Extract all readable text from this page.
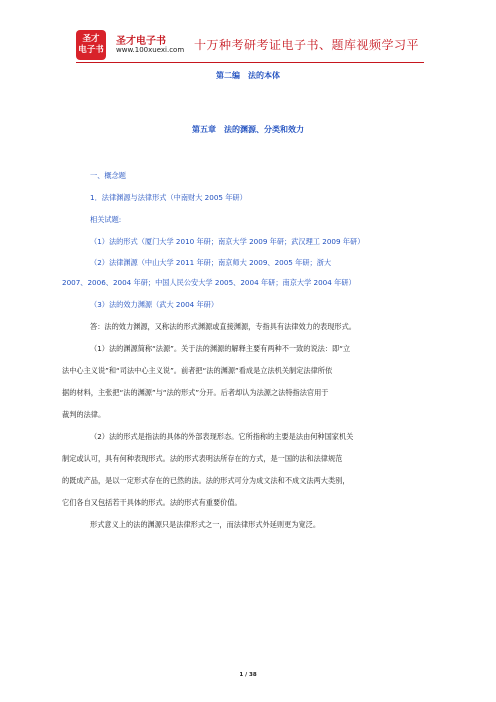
圣才
电子书
圣才电子书
www.100xuexi.com 十万种考研考证电子书、题库视频学习平
第二编　法的本体
第五章　法的渊源、分类和效力
一、概念题
1．法律渊源与法律形式（中南财大 2005 年研）
相关试题:
（1）法的形式（厦门大学 2010 年研；南京大学 2009 年研；武汉理工 2009 年研）
（2）法律渊源（中山大学 2011 年研；南京师大 2009、2005 年研；浙大
2007、2006、2004 年研；中国人民公安大学 2005、2004 年研；南京大学 2004 年研）
（3）法的效力渊源（武大 2004 年研）
答：法的效力渊源，又称法的形式渊源或直接渊源，专指具有法律效力的表现形式。
（1）法的渊源简称“法源”。关于法的渊源的解释主要有两种不一致的说法：即“立
法中心主义说”和“司法中心主义说”。前者把“法的渊源”看成是立法机关制定法律所依
据的材料，主张把“法的渊源”与“法的形式”分开。后者却认为法源之法特指法官用于
裁判的法律。
（2）法的形式是指法的具体的外部表现形态。它所指称的主要是法由何种国家机关
制定或认可，具有何种表现形式。法的形式表明法所存在的方式，是一国的法和法律规范
的既成产品，是以一定形式存在的已然的法。法的形式可分为成文法和不成文法两大类别，
它们各自又包括若干具体的形式。法的形式有重要价值。
形式意义上的法的渊源只是法律形式之一，而法律形式外延则更为宽泛。
1 / 38
